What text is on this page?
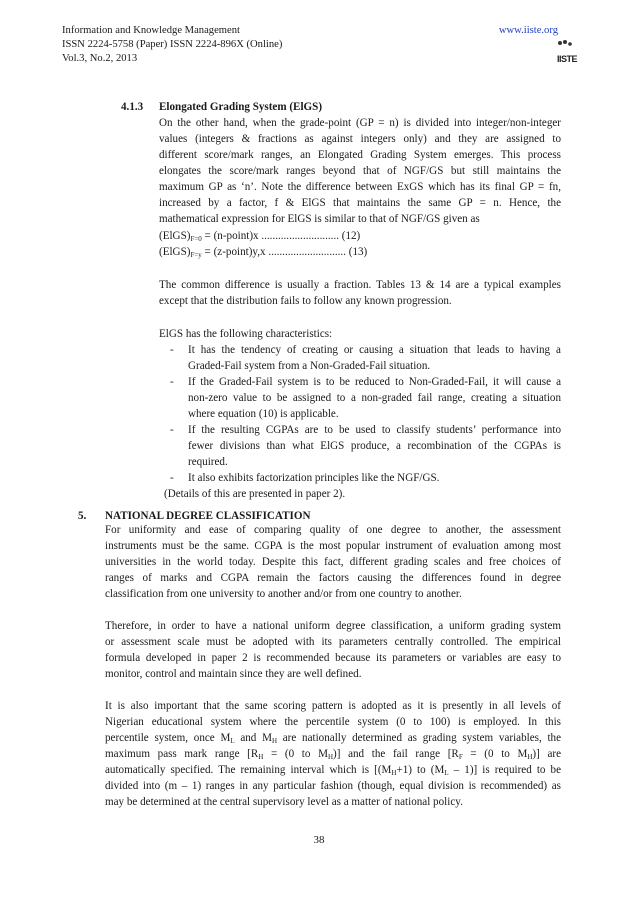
Information and Knowledge Management
ISSN 2224-5758 (Paper) ISSN 2224-896X (Online)
Vol.3, No.2, 2013
www.iiste.org
IISTE

4.1.3 Elongated Grading System (ElGS)

On the other hand, when the grade-point (GP = n) is divided into integer/non-integer

values (integers & fractions as against integers only) and they are assigned to

different score/mark ranges, an Elongated Grading System emerges. This process

elongates the score/mark ranges beyond that of NGF/GS but still maintains the

maximum GP as ‘n’. Note the difference between ExGS which has its final GP = fn,

increased by a factor, f & ElGS that maintains the same GP = n. Hence, the

mathematical expression for ElGS is similar to that of NGF/GS given as

$(ElGS)_{F=0}$ = (n-point)x ............................ (12)

$(ElGS)_{F=y}$ = (z-point)y,x ............................ (13)

The common difference is usually a fraction. Tables 13 & 14 are a typical examples

except that the distribution fails to follow any known progression.

ElGS has the following characteristics:

- It has the tendency of creating or causing a situation that leads to having a

Graded-Fail system from a Non-Graded-Fail situation.

- If the Graded-Fail system is to be reduced to Non-Graded-Fail, it will cause a

non-zero value to be assigned to a non-graded fail range, creating a situation

where equation (10) is applicable.

- If the resulting CGPAs are to be used to classify students’ performance into

fewer divisions than what ElGS produce, a recombination of the CGPAs is

required.

- It also exhibits factorization principles like the NGF/GS.

(Details of this are presented in paper 2).

5. NATIONAL DEGREE CLASSIFICATION

For uniformity and ease of comparing quality of one degree to another, the assessment

instruments must be the same. CGPA is the most popular instrument of evaluation among most

universities in the world today. Despite this fact, different grading scales and free choices of

ranges of marks and CGPA remain the factors causing the differences found in degree

classification from one university to another and/or from one country to another.

Therefore, in order to have a national uniform degree classification, a uniform grading system

or assessment scale must be adopted with its parameters centrally controlled. The empirical

formula developed in paper 2 is recommended because its parameters or variables are easy to

monitor, control and maintain since they are well defined.

It is also important that the same scoring pattern is adopted as it is presently in all levels of

Nigerian educational system where the percentile system (0 to 100) is employed. In this

percentile system, once $M_L$ and $M_H$ are nationally determined as grading system variables, the

maximum pass mark range [$R_H = (0$ to $M_H$)] and the fail range [$R_F = (0$ to $M_H$)] are

automatically specified. The remaining interval which is [$(M_H+1)$ to $(M_L - 1)$] is required to be

divided into (m – 1) ranges in any particular fashion (though, equal division is recommended) as

may be determined at the central supervisory level as a matter of national policy.

38
